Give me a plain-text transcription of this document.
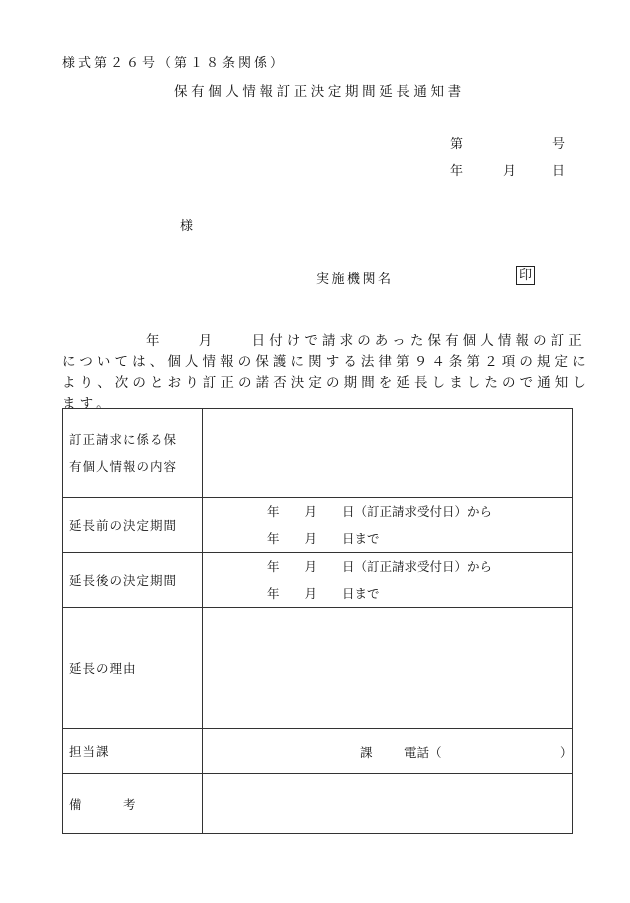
様式第２６号（第１８条関係）
保有個人情報訂正決定期間延長通知書
第	号
年	月	日
様
実施機関名	印
年　　月　　日付けで請求のあった保有個人情報の訂正
については、個人情報の保護に関する法律第９４条第２項の規定に
より、次のとおり訂正の諾否決定の期間を延長しましたので通知し
ます。
訂正請求に係る保
有個人情報の内容	

延長前の決定期間	年　　月　　日（訂正請求受付日）から
年　　月　　日まで

延長後の決定期間	年　　月　　日（訂正請求受付日）から
年　　月　　日まで

延長の理由	
担当課	課 電話（ ）

備　　　考	
